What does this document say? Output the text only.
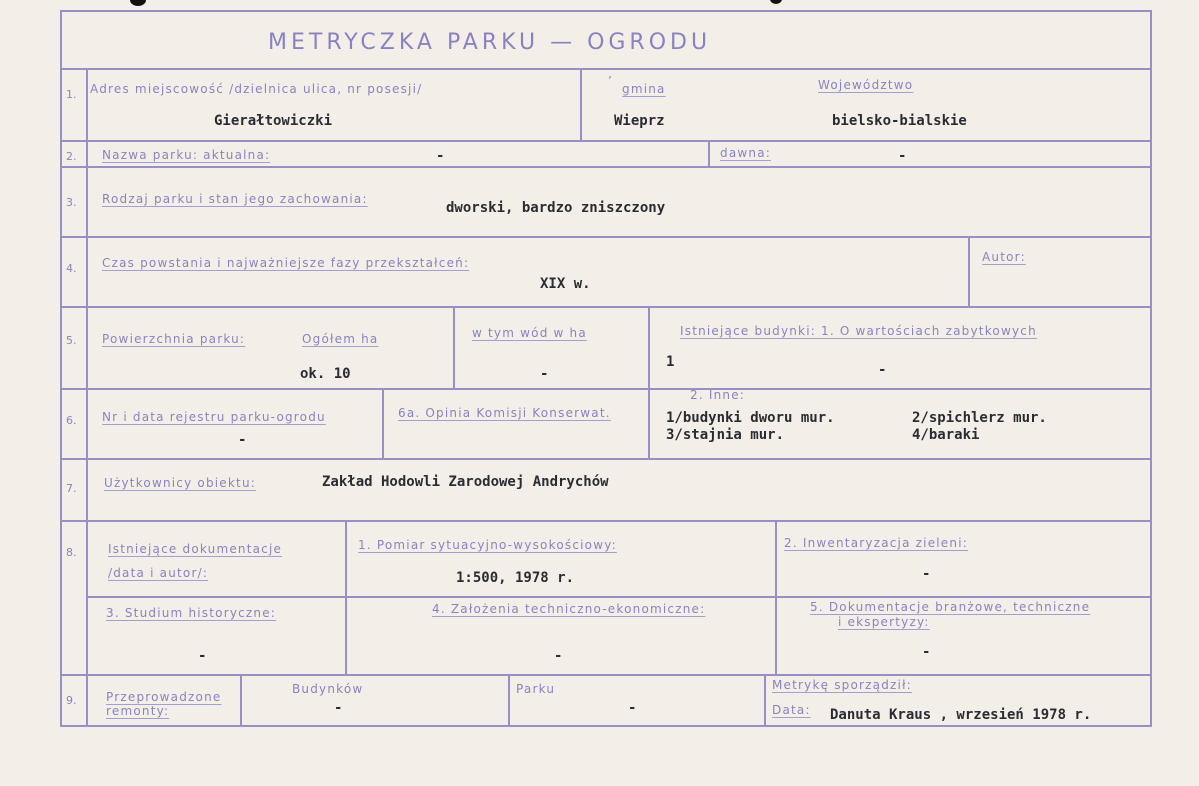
METRYCZKA PARKU — OGRODU
1. Adres miejscowość /dzielnica ulica, nr posesji/
Gierałtowiczki
’
gmina
Wieprz
Województwo
bielsko-bialskie
2. Nazwa parku: aktualna:	-	dawna:	-
3. Rodzaj parku i stan jego zachowania:
dworski, bardzo zniszczony
4. Czas powstania i najważniejsze fazy przekształceń:
XIX w.
Autor:
5. Powierzchnia parku:	Ogółem ha
ok. 10
w tym wód w ha
-
Istniejące budynki: 1. O wartościach zabytkowych
1	-
6. Nr i data rejestru parku-ogrodu
-
6a. Opinia Komisji Konserwat.
2. Inne:
1/budynki dworu mur.	2/spichlerz mur.
3/stajnia mur.	4/baraki
7. Użytkownicy obiektu:	Zakład Hodowli Zarodowej Andrychów
8.	Istniejące dokumentacje
/data i autor/:
1. Pomiar sytuacyjno-wysokościowy:
1:500, 1978 r.
2. Inwentaryzacja zieleni:
-
3. Studium historyczne:
-
4. Założenia techniczno-ekonomiczne:
-
5. Dokumentacje branżowe, techniczne
i ekspertyzy:
-
9. Przeprowadzone
remonty:
Budynków
-
Parku
-
Metrykę sporządził:
Data: Danuta Kraus , wrzesień 1978 r.
